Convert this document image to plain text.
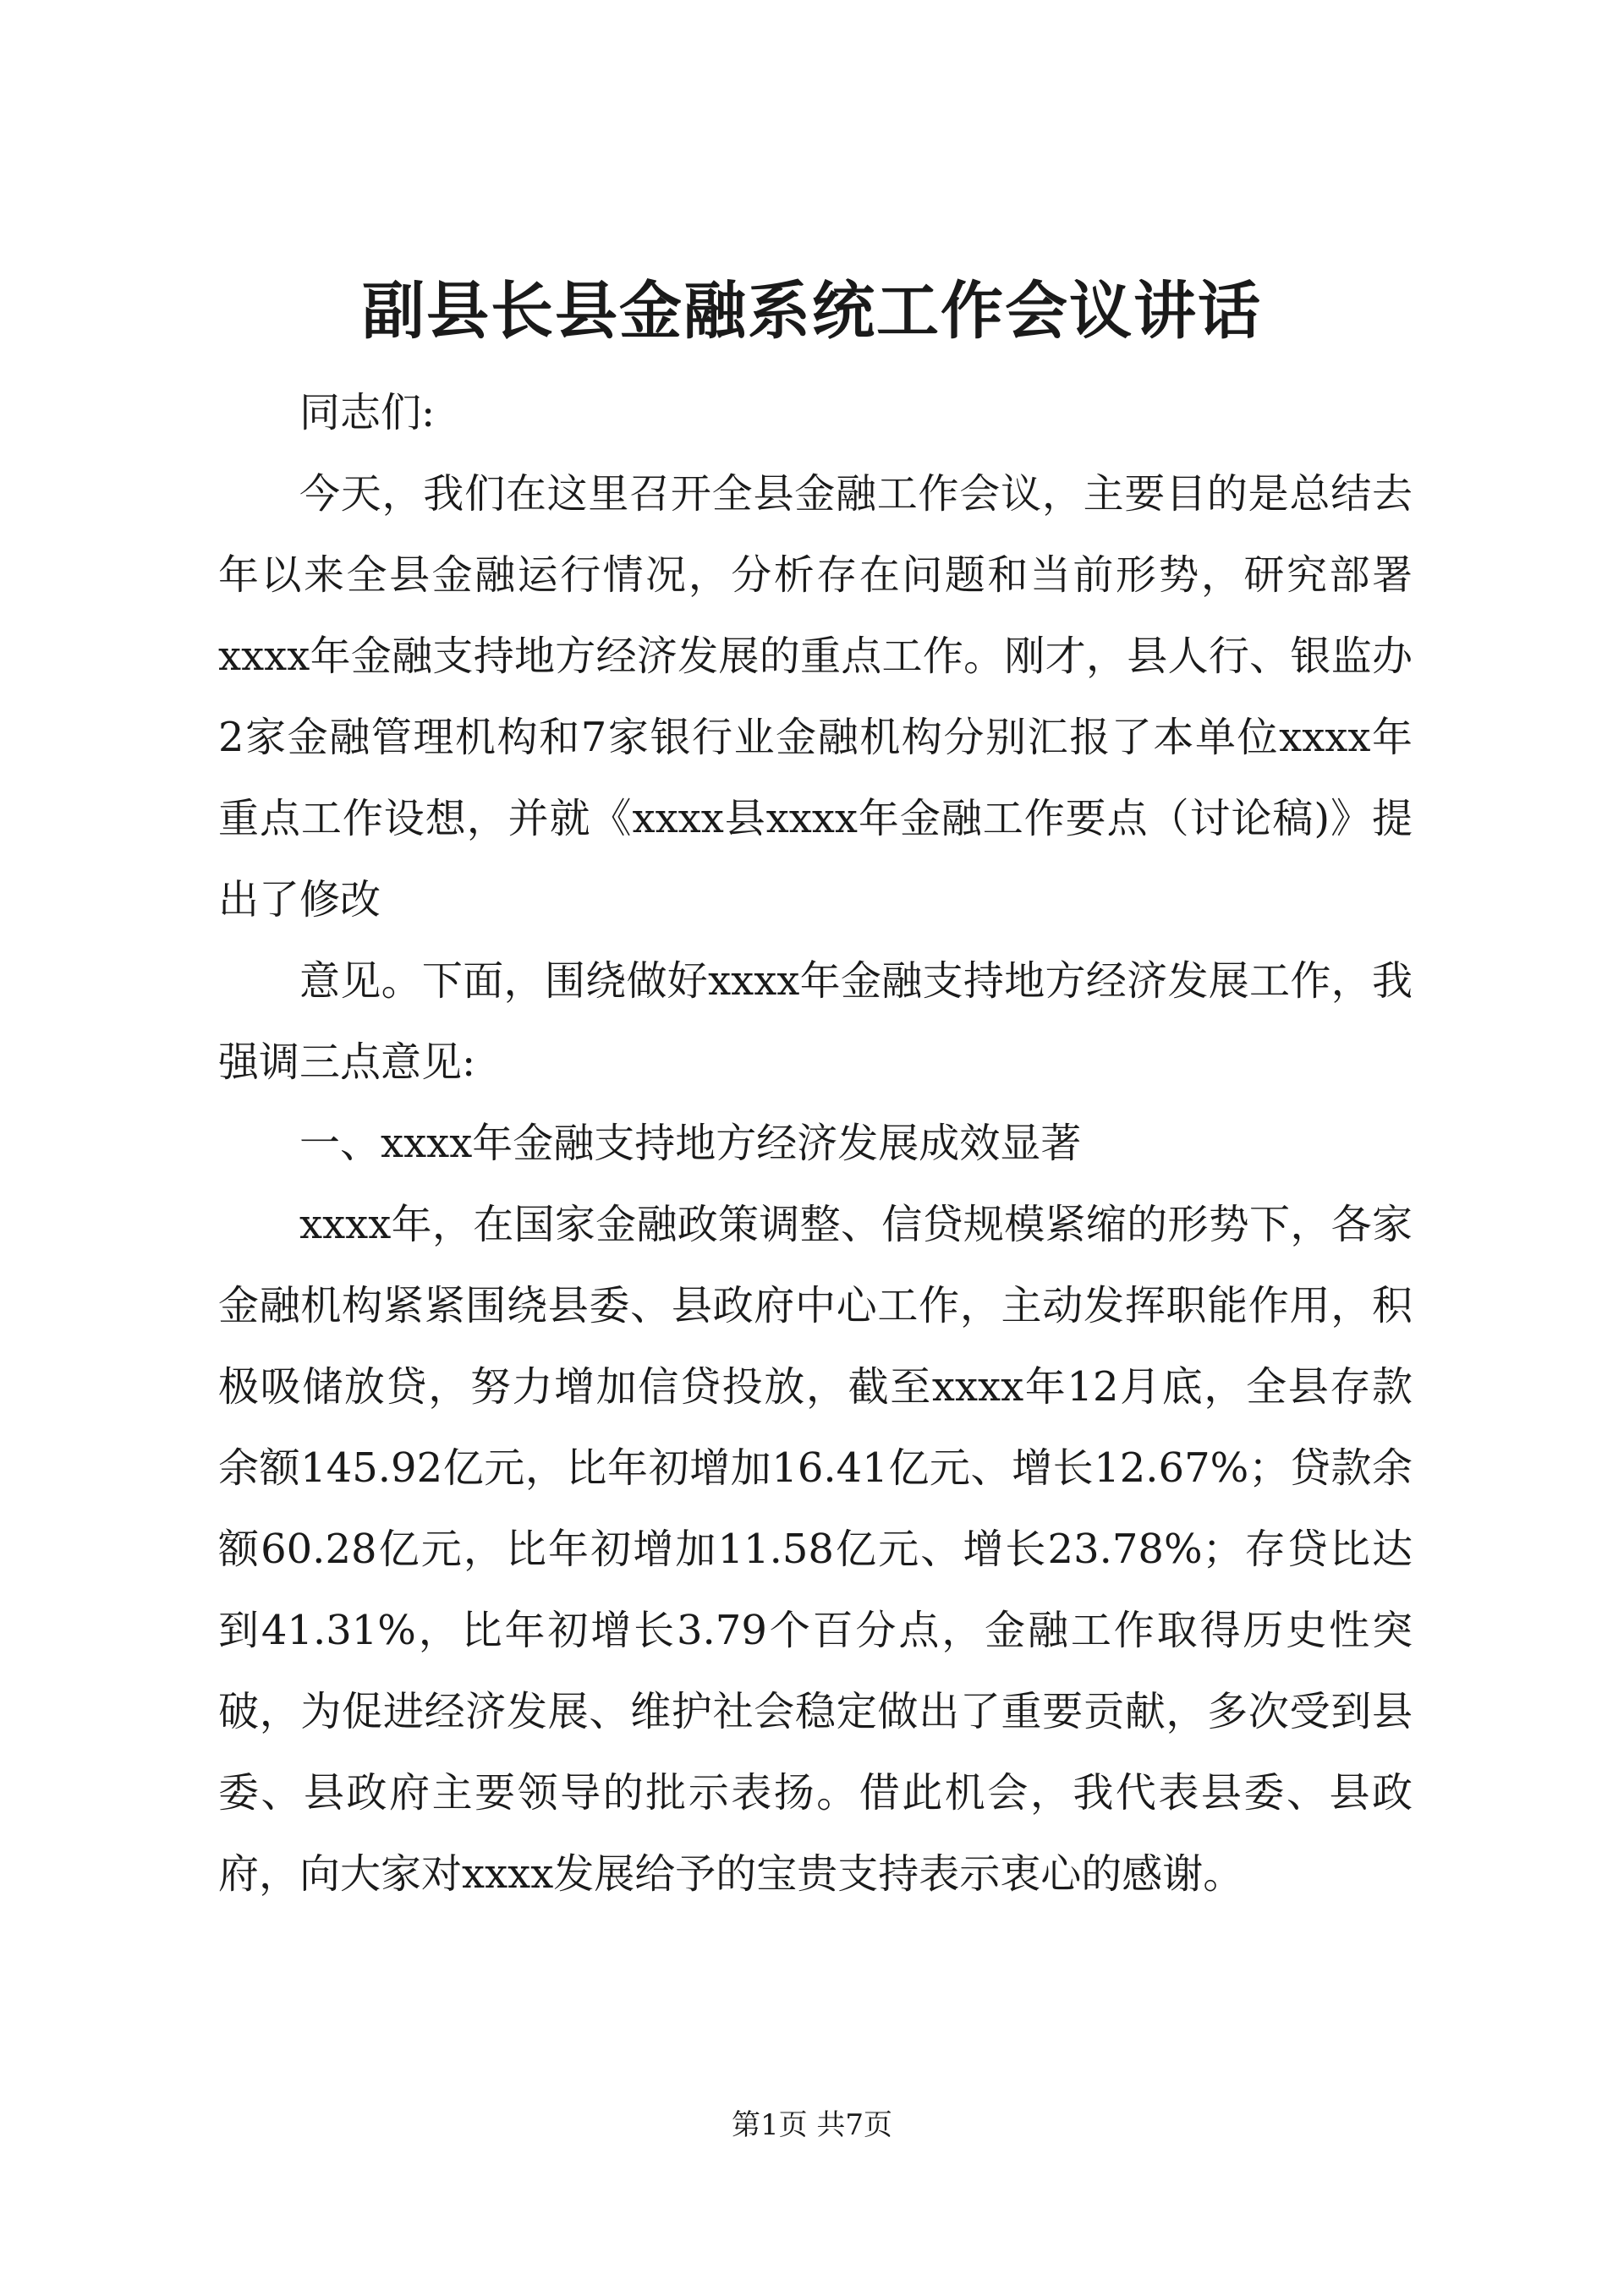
副县长县金融系统工作会议讲话

同志们:

今天，我们在这里召开全县金融工作会议，主要目的是总结去年以来全县金融运行情况，分析存在问题和当前形势，研究部署xxxx年金融支持地方经济发展的重点工作。刚才，县人行、银监办2家金融管理机构和7家银行业金融机构分别汇报了本单位xxxx年重点工作设想，并就《xxxx县xxxx年金融工作要点（讨论稿)》提出了修改

意见。下面，围绕做好xxxx年金融支持地方经济发展工作，我强调三点意见:

一、xxxx年金融支持地方经济发展成效显著

xxxx年，在国家金融政策调整、信贷规模紧缩的形势下，各家金融机构紧紧围绕县委、县政府中心工作，主动发挥职能作用，积极吸储放贷，努力增加信贷投放，截至xxxx年12月底，全县存款余额145.92亿元，比年初增加16.41亿元、增长12.67%；贷款余额60.28亿元，比年初增加11.58亿元、增长23.78%；存贷比达到41.31%，比年初增长3.79个百分点，金融工作取得历史性突破，为促进经济发展、维护社会稳定做出了重要贡献，多次受到县委、县政府主要领导的批示表扬。借此机会，我代表县委、县政府，向大家对xxxx发展给予的宝贵支持表示衷心的感谢。

第1页 共7页
